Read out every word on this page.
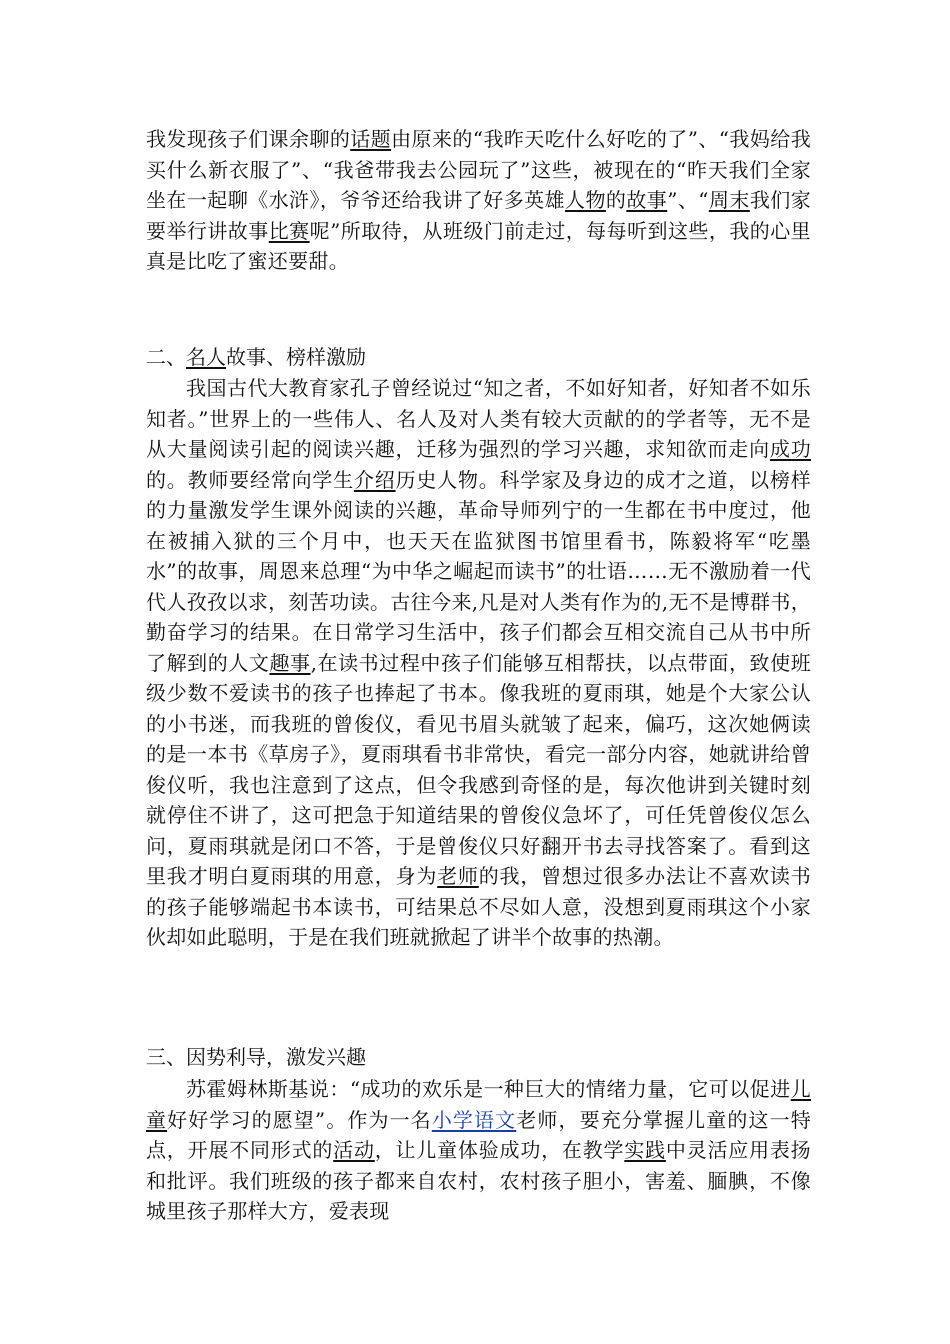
我发现孩子们课余聊的话题由原来的“我昨天吃什么好吃的了”、“我妈给我买什么新衣服了”、“我爸带我去公园玩了”这些，被现在的“昨天我们全家坐在一起聊《水浒》，爷爷还给我讲了好多英雄人物的故事”、“周末我们家要举行讲故事比赛呢”所取待，从班级门前走过，每每听到这些，我的心里真是比吃了蜜还要甜。

二、名人故事、榜样激励

我国古代大教育家孔子曾经说过“知之者，不如好知者，好知者不如乐知者。”世界上的一些伟人、名人及对人类有较大贡献的的学者等，无不是从大量阅读引起的阅读兴趣，迁移为强烈的学习兴趣，求知欲而走向成功的。教师要经常向学生介绍历史人物。科学家及身边的成才之道，以榜样的力量激发学生课外阅读的兴趣，革命导师列宁的一生都在书中度过，他在被捕入狱的三个月中，也天天在监狱图书馆里看书，陈毅将军“吃墨水”的故事，周恩来总理“为中华之崛起而读书”的壮语……无不激励着一代代人孜孜以求，刻苦功读。古往今来,凡是对人类有作为的,无不是博群书，勤奋学习的结果。在日常学习生活中，孩子们都会互相交流自己从书中所了解到的人文趣事,在读书过程中孩子们能够互相帮扶，以点带面，致使班级少数不爱读书的孩子也捧起了书本。像我班的夏雨琪，她是个大家公认的小书迷，而我班的曾俊仪，看见书眉头就皱了起来，偏巧，这次她俩读的是一本书《草房子》，夏雨琪看书非常快，看完一部分内容，她就讲给曾俊仪听，我也注意到了这点，但令我感到奇怪的是，每次他讲到关键时刻就停住不讲了，这可把急于知道结果的曾俊仪急坏了，可任凭曾俊仪怎么问，夏雨琪就是闭口不答，于是曾俊仪只好翻开书去寻找答案了。看到这里我才明白夏雨琪的用意，身为老师的我，曾想过很多办法让不喜欢读书的孩子能够端起书本读书，可结果总不尽如人意，没想到夏雨琪这个小家伙却如此聪明，于是在我们班就掀起了讲半个故事的热潮。

三、因势利导，激发兴趣

苏霍姆林斯基说：“成功的欢乐是一种巨大的情绪力量，它可以促进儿童好好学习的愿望”。作为一名小学语文老师，要充分掌握儿童的这一特点，开展不同形式的活动，让儿童体验成功，在教学实践中灵活应用表扬和批评。我们班级的孩子都来自农村，农村孩子胆小，害羞、腼腆，不像城里孩子那样大方，爱表现
